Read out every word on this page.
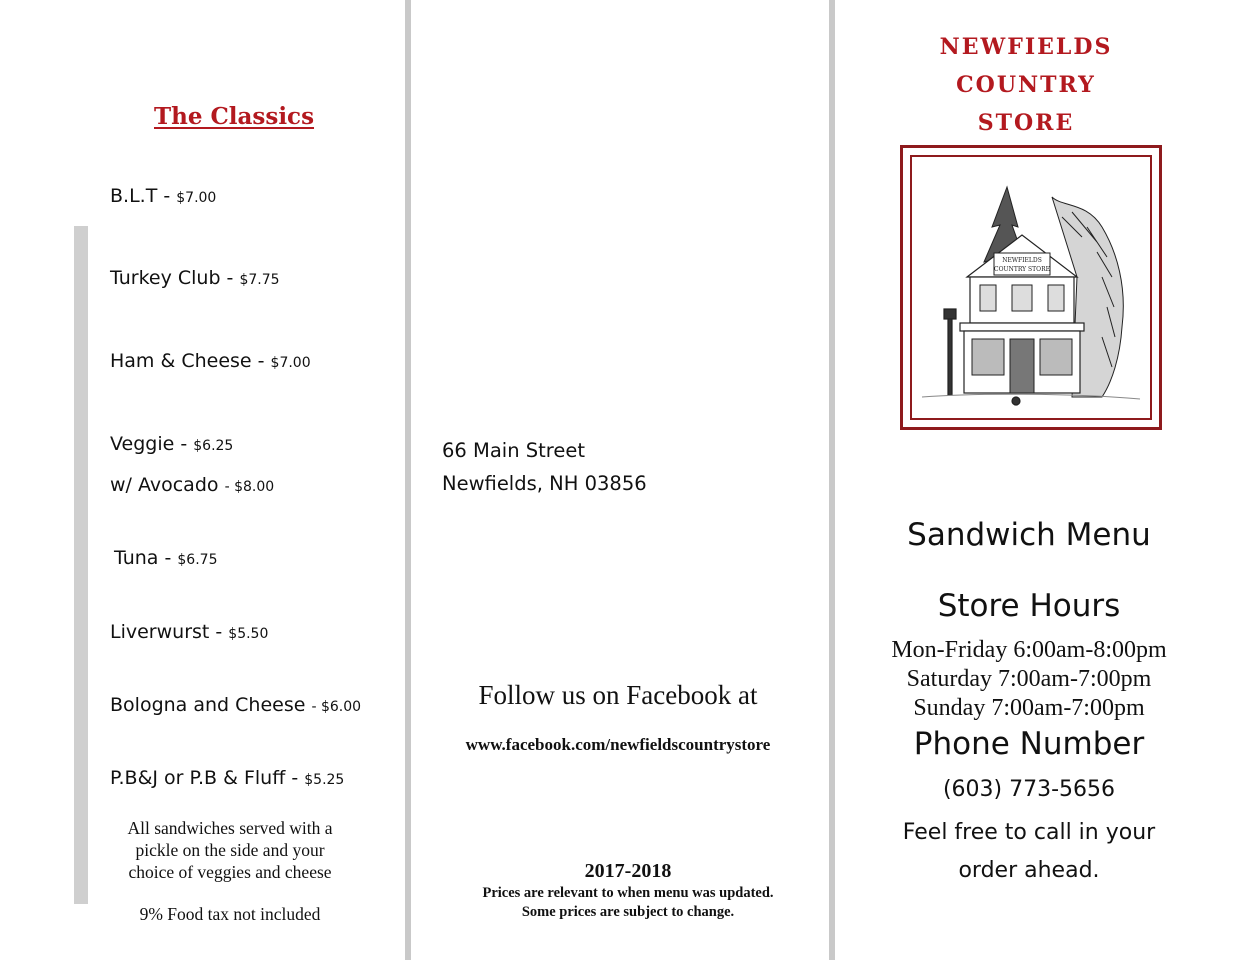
The Classics
B.L.T - $7.00
Turkey Club - $7.75
Ham & Cheese - $7.00
Veggie - $6.25
w/ Avocado - $8.00
Tuna - $6.75
Liverwurst - $5.50
Bologna and Cheese - $6.00
P.B&J or P.B & Fluff - $5.25
All sandwiches served with a
pickle on the side and your
choice of veggies and cheese
9% Food tax not included
66 Main Street
Newfields, NH 03856
Follow us on Facebook at
www.facebook.com/newfieldscountrystore
2017-2018
Prices are relevant to when menu was updated.
Some prices are subject to change.
NEWFIELDS
COUNTRY
STORE
NEWFIELDS
COUNTRY STORE
Sandwich Menu
Store Hours
Mon-Friday 6:00am-8:00pm
Saturday 7:00am-7:00pm
Sunday 7:00am-7:00pm
Phone Number
(603) 773-5656
Feel free to call in your
order ahead.
